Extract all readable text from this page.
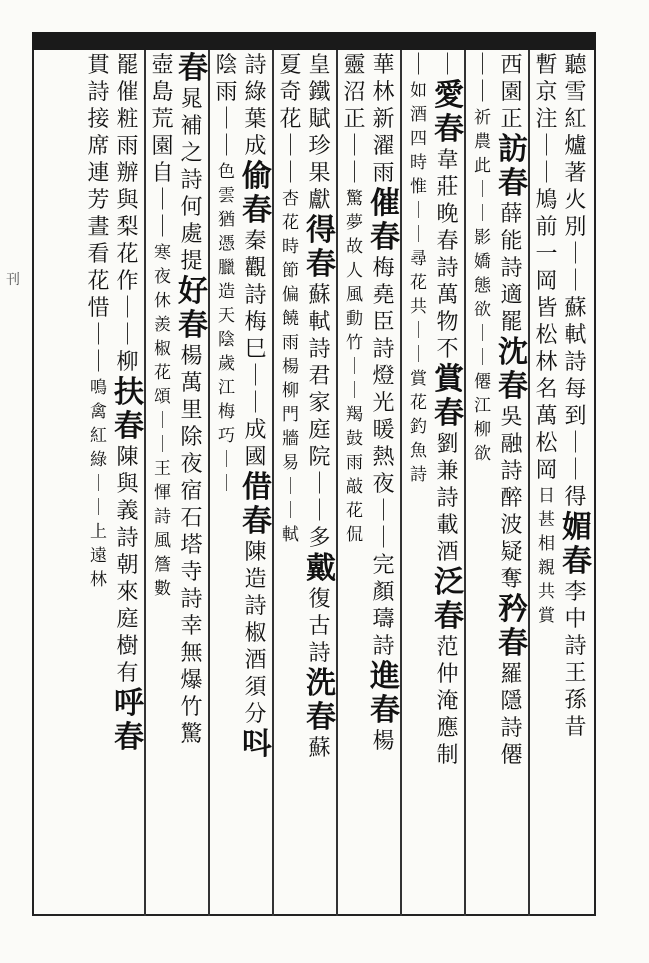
刊
聽雪紅爐著火別
｜｜蘇軾詩每到｜｜得
媚
春
李中詩王孫昔
暫京注｜｜鳩前一岡皆松林名萬松岡
日甚相親共賞
西園正
訪
春
薛能詩適罷
沈
春
吳融詩醉波疑奪
矜
春
羅隱詩僊
｜｜
祈農此｜｜
影嬌態欲｜｜
僊江柳欲
｜
愛
春
韋莊晚春詩萬物不
賞
春
劉兼詩載酒
泛
春
范仲淹應制
｜
如酒四時惟｜｜
尋花共｜｜
賞花釣魚詩
華林新濯雨
催
春
梅堯臣詩燈光暖熱夜｜｜完顏璹詩
進
春
楊
靈沼正｜｜
驚夢故人風動竹｜｜羯鼓雨敲花
侃
皇鐵賦珍果獻
得
春
蘇軾詩君家庭院｜｜多
戴
復古詩
洗
春
蘇
夏奇花｜｜
杏花時節偏饒雨楊柳門牆易｜｜
軾
詩綠葉成
偷
春
秦觀詩梅巳｜｜成國
借
春
陳造詩椒酒須分
呌
陰雨｜｜
色雲猶憑臘造天陰
歲江梅巧｜｜
春
晁補之詩何處提
好
春
楊萬里除夜宿石塔寺詩幸無爆竹驚
壺島荒園自｜｜
寒夜休羨椒花頌｜｜王惲詩風簷數
罷催粧雨辦與梨花作｜｜柳
扶
春
陳與義詩朝來庭樹有
呼
春
貫詩接席連芳晝看花惜｜｜
鳴禽紅綠｜｜上遠林
